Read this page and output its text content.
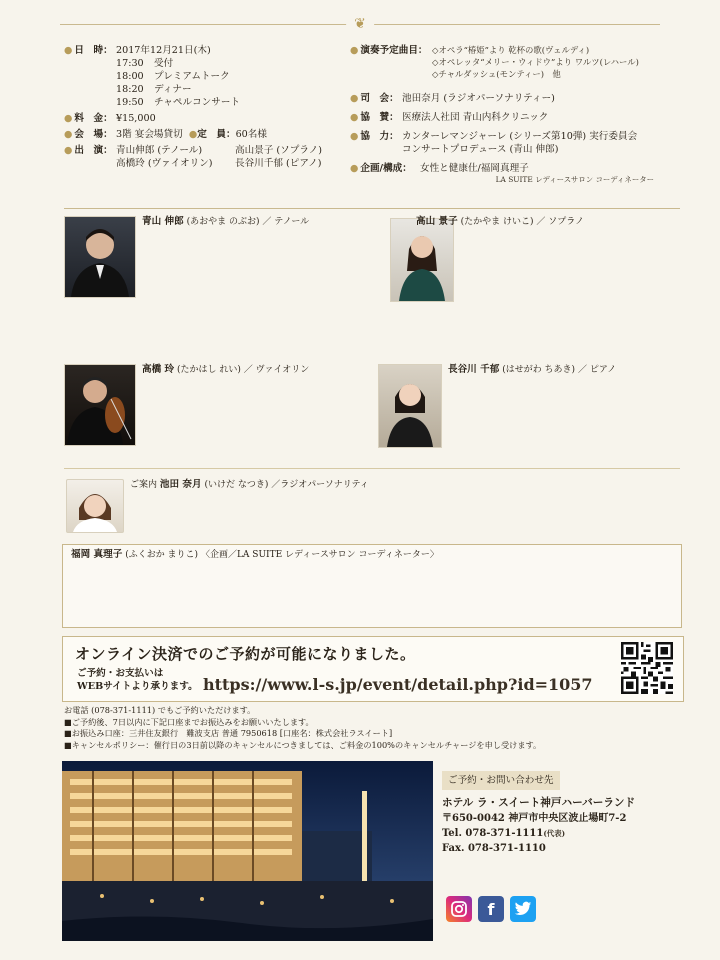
❦
● 日　時： 2017年12月21日(木)
17:30	受付
18:00	プレミアムトーク
18:20	ディナー
19:50	チャペルコンサート
● 料　金： ¥15,000
● 会　場： 3階 宴会場貸切 ●定　員：60名様
● 出　演： 青山伸郎 (テノール)	高山景子 (ソプラノ)
高橋玲 (ヴァイオリン)	長谷川千郁 (ピアノ)
● 演奏予定曲目： ◇オペラ“椿姫”より 乾杯の歌(ヴェルディ)
◇オペレッタ“メリー・ウィドウ”より ワルツ(レハール)
◇チャルダッシュ(モンティー)　他
● 司　会： 池田奈月 (ラジオパーソナリティー)
● 協　賛： 医療法人社団 青山内科クリニック
● 協　力： カンターレマンジャーレ (シリーズ第10弾) 実行委員会
コンサートプロデュース (青山 伸郎)
● 企画/構成： 女性と健康仕/福岡真理子
LA SUITE レディースサロン コーディネーター
青山 伸郎 (あおやま のぶお) ／ テノール	高山 景子 (たかやま けいこ) ／ ソプラノ
高橋 玲 (たかはし れい) ／ ヴァイオリン	長谷川 千郁 (はせがわ ちあき) ／ ピアノ
ご案内 池田 奈月 (いけだ なつき) ／ラジオパーソナリティ
福岡 真理子 (ふくおか まりこ) 〈企画／LA SUITE レディースサロン コーディネーター〉
オンライン決済でのご予約が可能になりました。
ご予約・お支払いは
WEBサイトより承ります。 https://www.l-s.jp/event/detail.php?id=1057
お電話 (078-371-1111) でもご予約いただけます。
■ご予約後、7日以内に下記口座までお振込みをお願いいたします。
■お振込み口座：三井住友銀行　難波支店 普通 7950618 [口座名：株式会社ラスイート]
■キャンセルポリシー：催行日の3日前以降のキャンセルにつきましては、ご料金の100%のキャンセルチャージを申し受けます。
ご予約・お問い合わせ先
ホテル ラ・スイート神戸ハーバーランド
〒650-0042 神戸市中央区波止場町7-2
Tel. 078-371-1111(代表)
Fax. 078-371-1110
f
